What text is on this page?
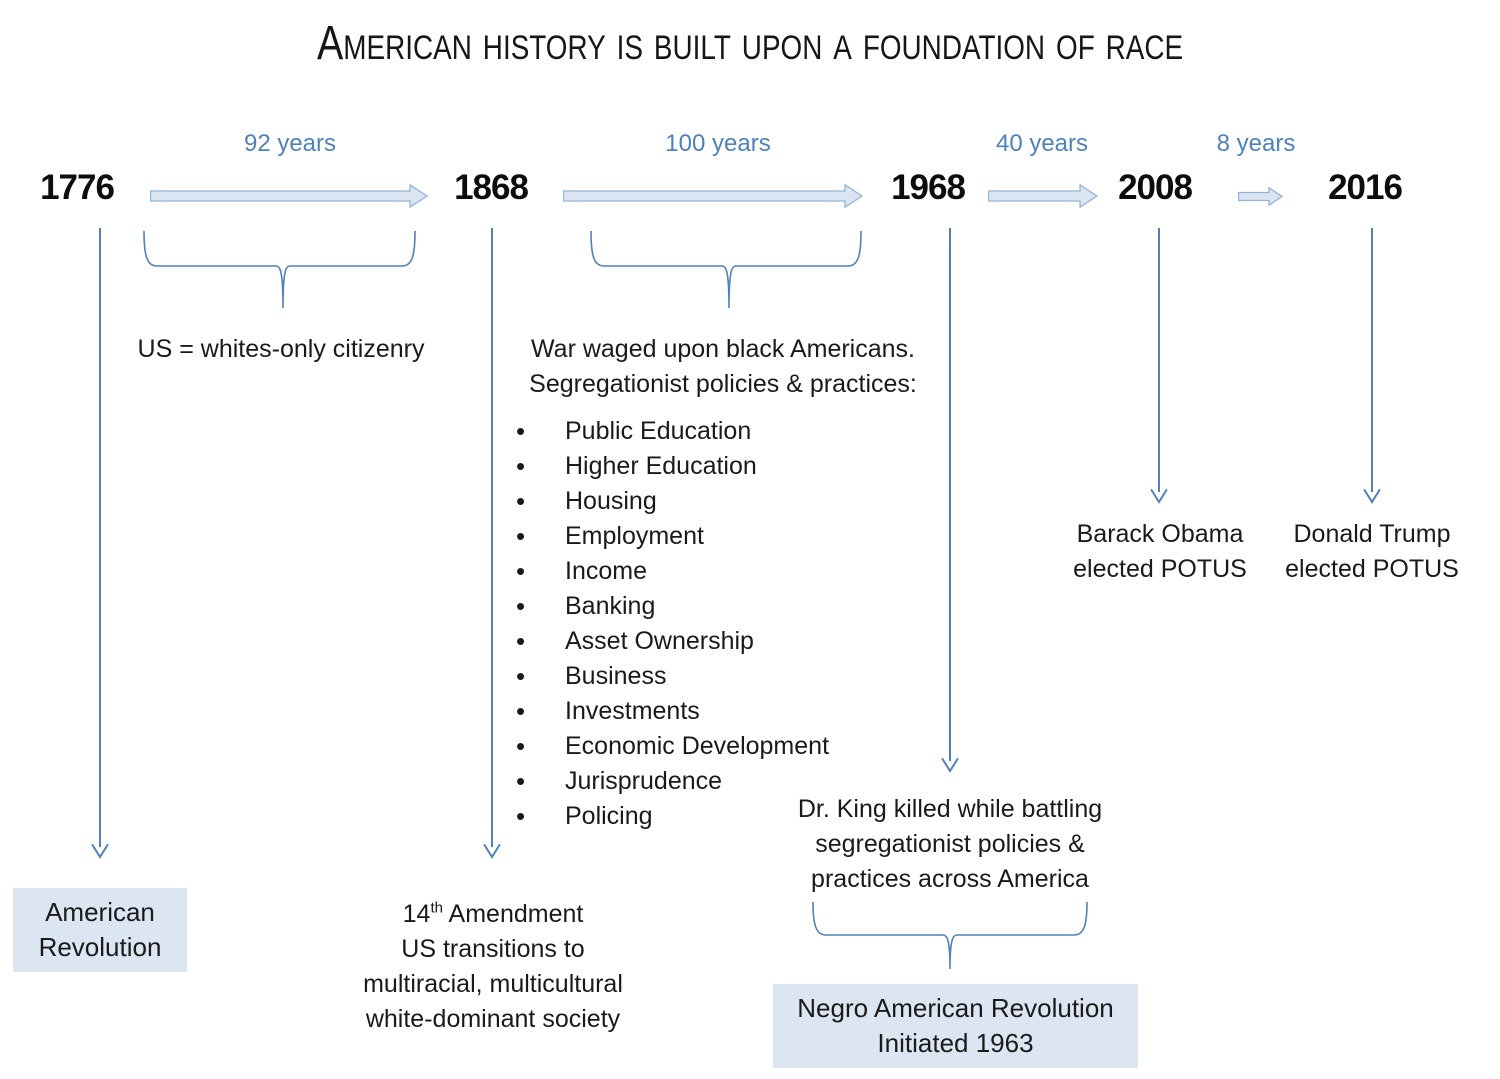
American history is built upon a foundation of race
1776	1868	1968	2008	2016
92 years	100 years	40 years	8 years
US = whites-only citizenry	War waged upon black Americans.
Segregationist policies & practices:
• Public Education
• Higher Education
• Housing
• Employment
• Income
• Banking
• Asset Ownership
• Business
• Investments
• Economic Development
• Jurisprudence
• Policing	Dr. King killed while battling
segregationist policies &
practices across America
Barack Obama
elected POTUS
Donald Trump
elected POTUS
American
Revolution
14th Amendment
US transitions to
multiracial, multicultural
white-dominant society	Negro American Revolution
Initiated 1963
